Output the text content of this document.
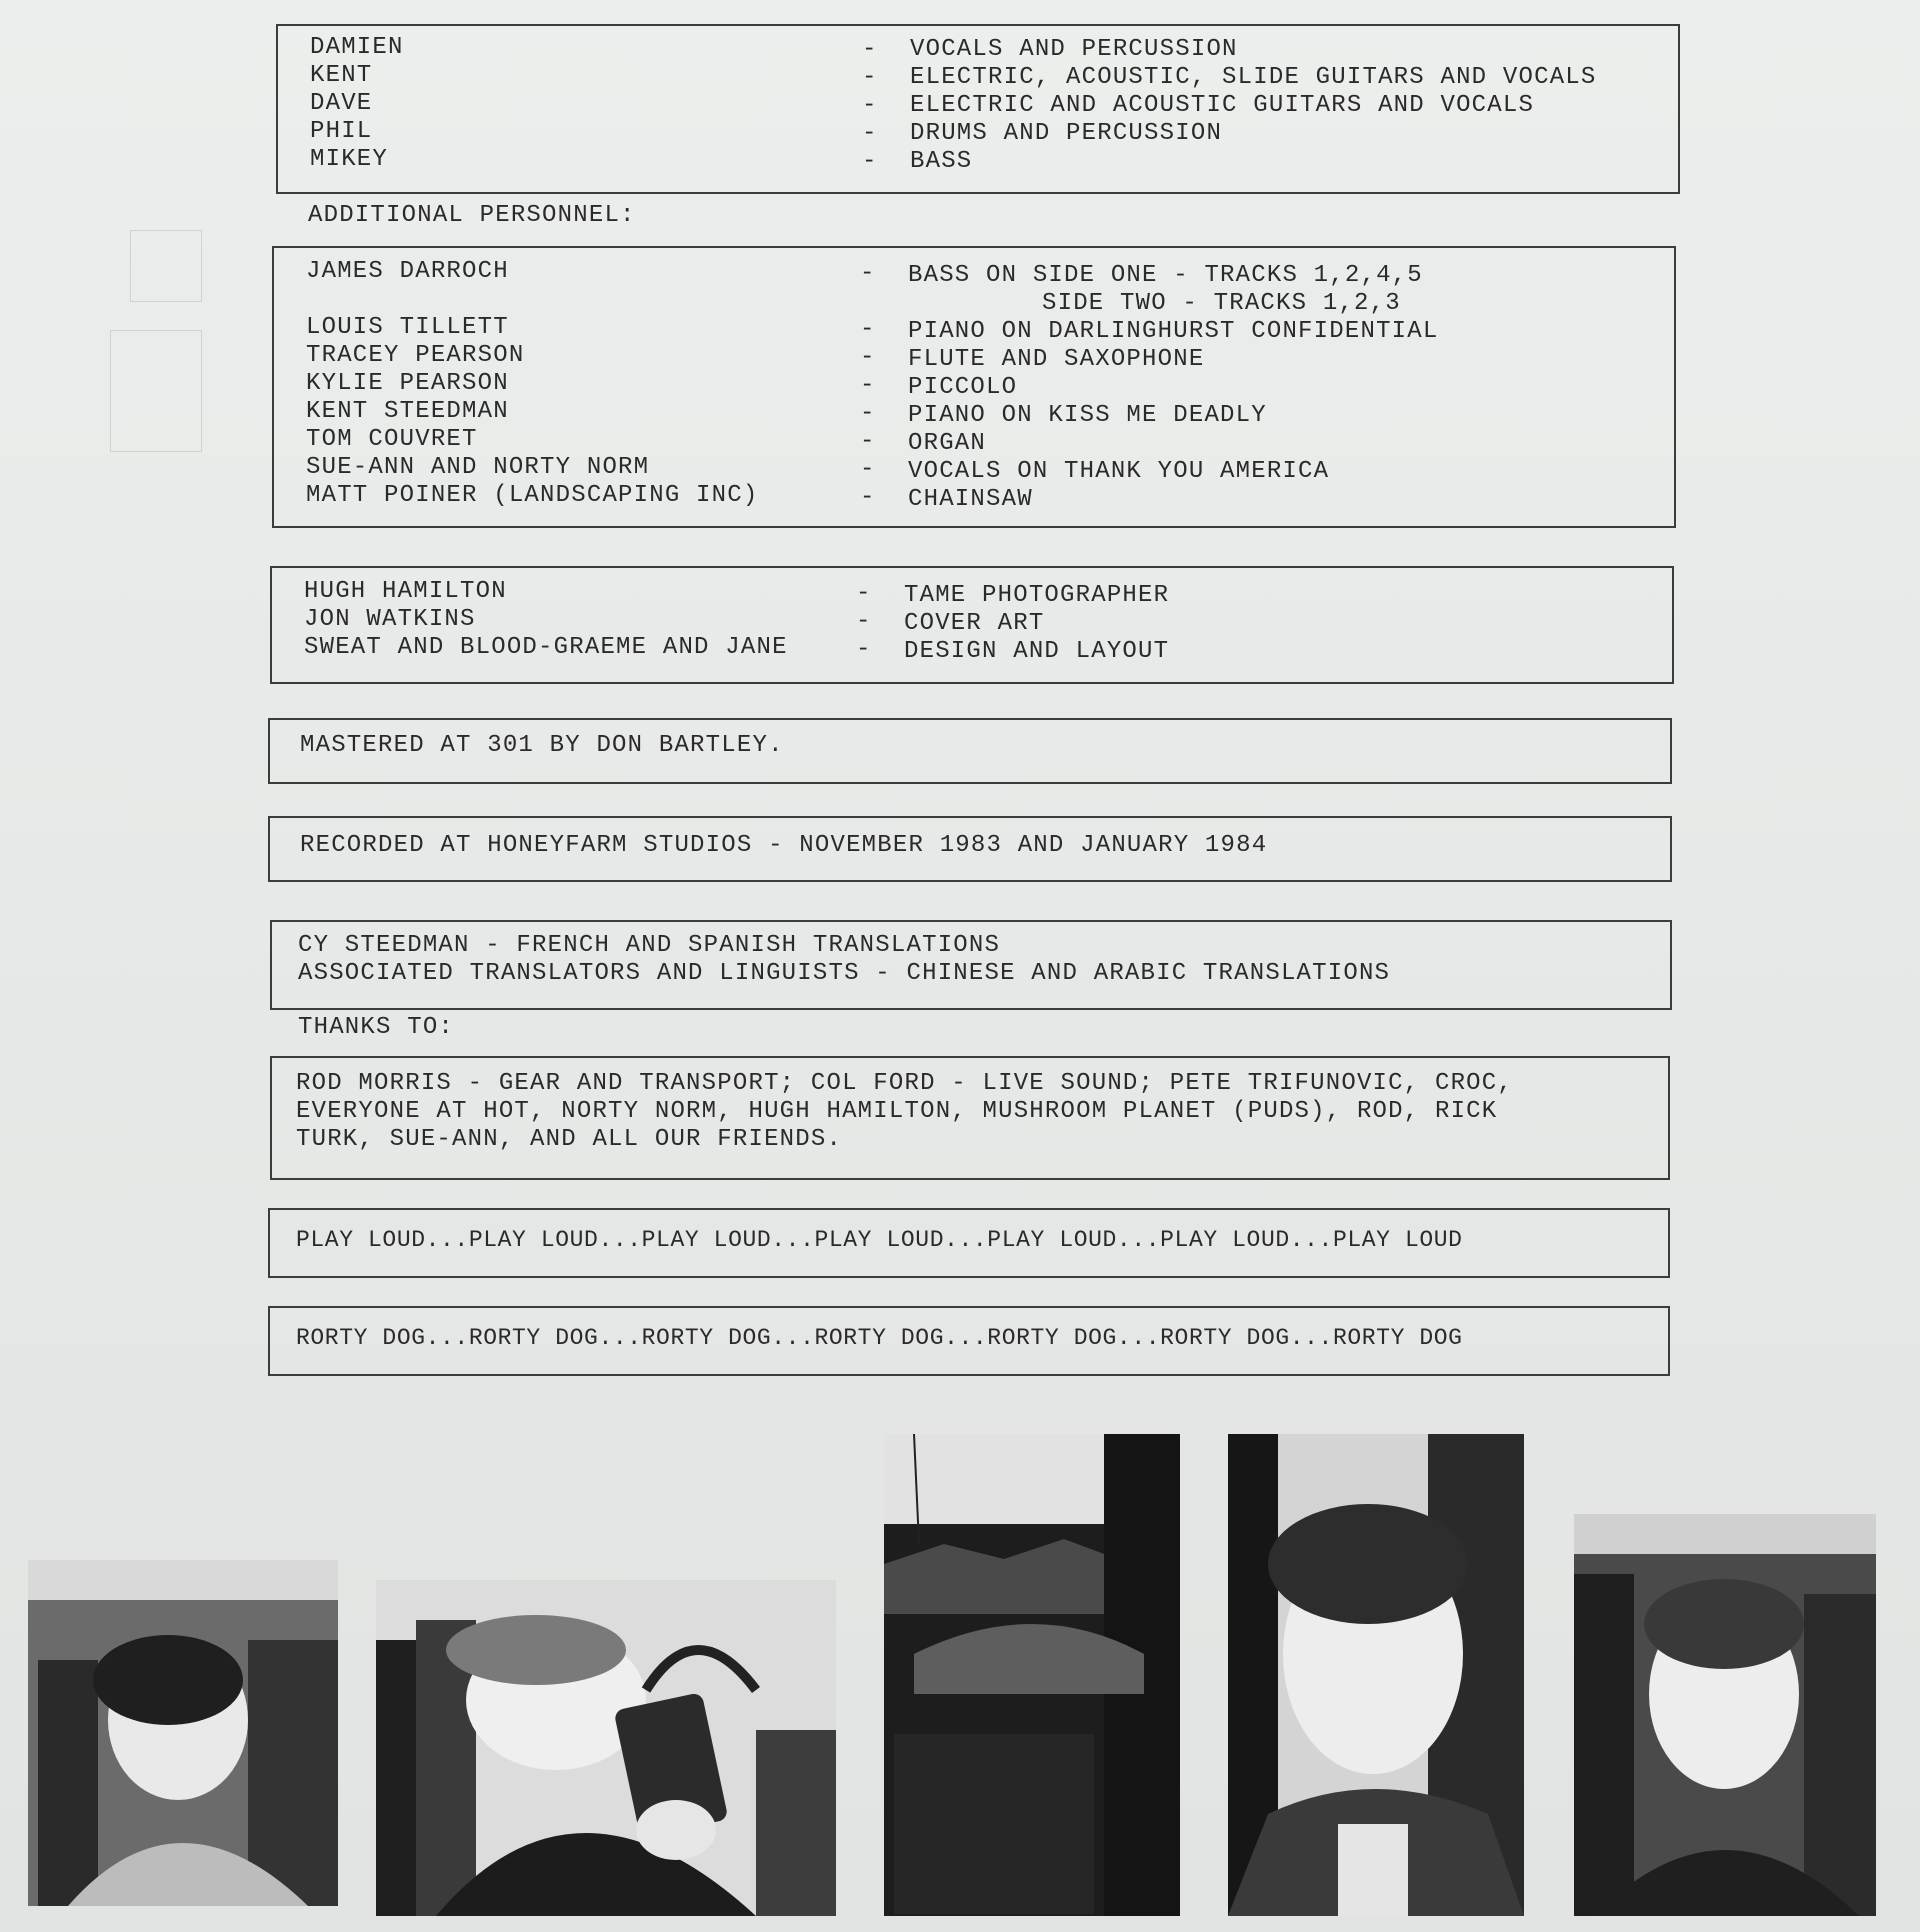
DAMIEN	- VOCALS AND PERCUSSION
KENT	- ELECTRIC, ACOUSTIC, SLIDE GUITARS AND VOCALS
DAVE	- ELECTRIC AND ACOUSTIC GUITARS AND VOCALS
PHIL	- DRUMS AND PERCUSSION
MIKEY	- BASS
ADDITIONAL PERSONNEL:
JAMES DARROCH	- BASS ON SIDE ONE - TRACKS 1,2,4,5
SIDE TWO - TRACKS 1,2,3
LOUIS TILLETT	- PIANO ON DARLINGHURST CONFIDENTIAL
TRACEY PEARSON	- FLUTE AND SAXOPHONE
KYLIE PEARSON	- PICCOLO
KENT STEEDMAN	- PIANO ON KISS ME DEADLY
TOM COUVRET	- ORGAN
SUE-ANN AND NORTY NORM	- VOCALS ON THANK YOU AMERICA
MATT POINER (LANDSCAPING INC)	- CHAINSAW
HUGH HAMILTON	- TAME PHOTOGRAPHER
JON WATKINS	- COVER ART
SWEAT AND BLOOD-GRAEME AND JANE	- DESIGN AND LAYOUT
MASTERED AT 301 BY DON BARTLEY.
RECORDED AT HONEYFARM STUDIOS - NOVEMBER 1983 AND JANUARY 1984
CY STEEDMAN - FRENCH AND SPANISH TRANSLATIONS
ASSOCIATED TRANSLATORS AND LINGUISTS - CHINESE AND ARABIC TRANSLATIONS
THANKS TO:
ROD MORRIS - GEAR AND TRANSPORT; COL FORD - LIVE SOUND; PETE TRIFUNOVIC, CROC,
EVERYONE AT HOT, NORTY NORM, HUGH HAMILTON, MUSHROOM PLANET (PUDS), ROD, RICK
TURK, SUE-ANN, AND ALL OUR FRIENDS.
PLAY LOUD...PLAY LOUD...PLAY LOUD...PLAY LOUD...PLAY LOUD...PLAY LOUD...PLAY LOUD
RORTY DOG...RORTY DOG...RORTY DOG...RORTY DOG...RORTY DOG...RORTY DOG...RORTY DOG
